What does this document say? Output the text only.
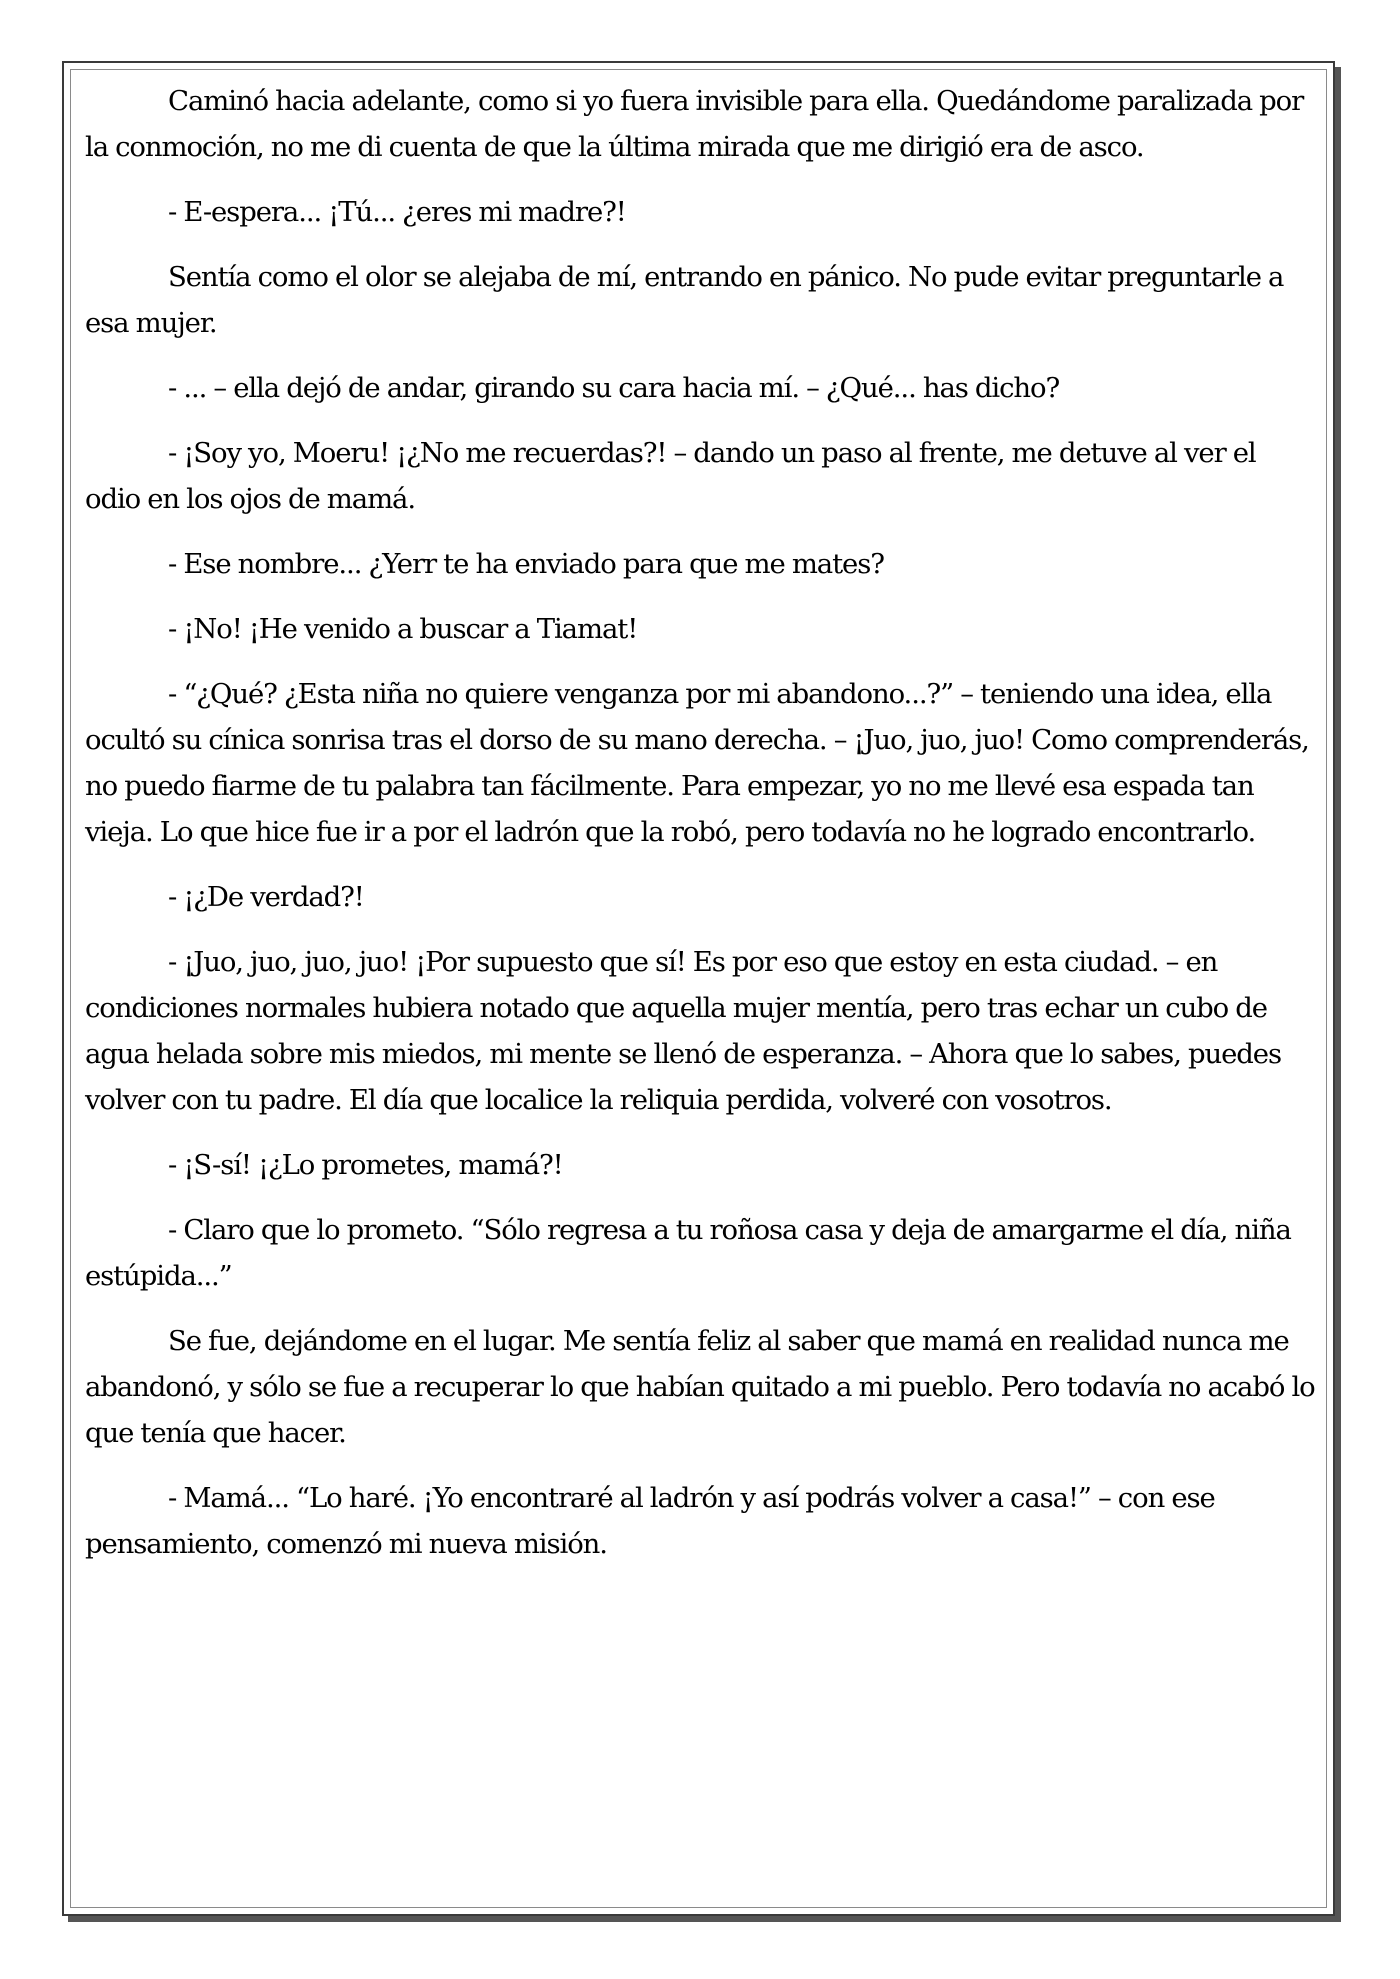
Caminó hacia adelante, como si yo fuera invisible para ella. Quedándome paralizada por la conmoción, no me di cuenta de que la última mirada que me dirigió era de asco.

- E-espera... ¡Tú... ¿eres mi madre?!

Sentía como el olor se alejaba de mí, entrando en pánico. No pude evitar preguntarle a esa mujer.

- ... – ella dejó de andar, girando su cara hacia mí. – ¿Qué... has dicho?

- ¡Soy yo, Moeru! ¡¿No me recuerdas?! – dando un paso al frente, me detuve al ver el odio en los ojos de mamá.

- Ese nombre... ¿Yerr te ha enviado para que me mates?

- ¡No! ¡He venido a buscar a Tiamat!

- “¿Qué? ¿Esta niña no quiere venganza por mi abandono...?” – teniendo una idea, ella ocultó su cínica sonrisa tras el dorso de su mano derecha. – ¡Juo, juo, juo! Como comprenderás, no puedo fiarme de tu palabra tan fácilmente. Para empezar, yo no me llevé esa espada tan vieja. Lo que hice fue ir a por el ladrón que la robó, pero todavía no he logrado encontrarlo.

- ¡¿De verdad?!

- ¡Juo, juo, juo, juo! ¡Por supuesto que sí! Es por eso que estoy en esta ciudad. – en condiciones normales hubiera notado que aquella mujer mentía, pero tras echar un cubo de agua helada sobre mis miedos, mi mente se llenó de esperanza. – Ahora que lo sabes, puedes volver con tu padre. El día que localice la reliquia perdida, volveré con vosotros.

- ¡S-sí! ¡¿Lo prometes, mamá?!

- Claro que lo prometo. “Sólo regresa a tu roñosa casa y deja de amargarme el día, niña estúpida...”

Se fue, dejándome en el lugar. Me sentía feliz al saber que mamá en realidad nunca me abandonó, y sólo se fue a recuperar lo que habían quitado a mi pueblo. Pero todavía no acabó lo que tenía que hacer.

- Mamá... “Lo haré. ¡Yo encontraré al ladrón y así podrás volver a casa!” – con ese pensamiento, comenzó mi nueva misión.
